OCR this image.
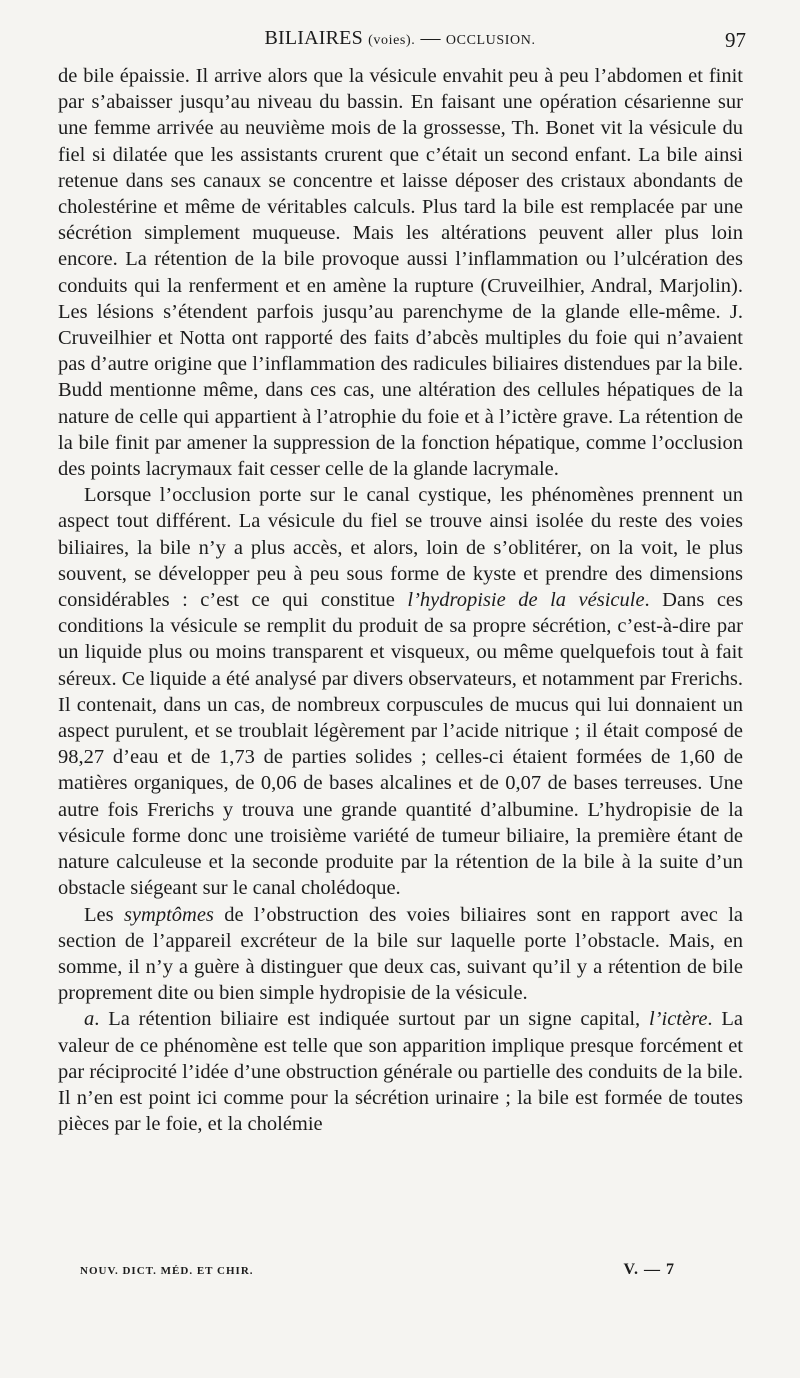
BILIAIRES (voies). — OCCLUSION.	97

de bile épaissie. Il arrive alors que la vésicule envahit peu à peu l’abdomen et finit par s’abaisser jusqu’au niveau du bassin. En faisant une opération césarienne sur une femme arrivée au neuvième mois de la grossesse, Th. Bonet vit la vésicule du fiel si dilatée que les assistants crurent que c’était un second enfant. La bile ainsi retenue dans ses canaux se concentre et laisse déposer des cristaux abondants de cholestérine et même de véritables calculs. Plus tard la bile est remplacée par une sécrétion simplement muqueuse. Mais les altérations peuvent aller plus loin encore. La rétention de la bile provoque aussi l’inflammation ou l’ulcération des conduits qui la renferment et en amène la rupture (Cruveilhier, Andral, Marjolin). Les lésions s’étendent parfois jusqu’au parenchyme de la glande elle-même. J. Cruveilhier et Notta ont rapporté des faits d’abcès multiples du foie qui n’avaient pas d’autre origine que l’inflammation des radicules biliaires distendues par la bile. Budd mentionne même, dans ces cas, une altération des cellules hépatiques de la nature de celle qui appartient à l’atrophie du foie et à l’ictère grave. La rétention de la bile finit par amener la suppression de la fonction hépatique, comme l’occlusion des points lacrymaux fait cesser celle de la glande lacrymale.

Lorsque l’occlusion porte sur le canal cystique, les phénomènes prennent un aspect tout différent. La vésicule du fiel se trouve ainsi isolée du reste des voies biliaires, la bile n’y a plus accès, et alors, loin de s’oblitérer, on la voit, le plus souvent, se développer peu à peu sous forme de kyste et prendre des dimensions considérables : c’est ce qui constitue l’hydropisie de la vésicule. Dans ces conditions la vésicule se remplit du produit de sa propre sécrétion, c’est-à-dire par un liquide plus ou moins transparent et visqueux, ou même quelquefois tout à fait séreux. Ce liquide a été analysé par divers observateurs, et notamment par Frerichs. Il contenait, dans un cas, de nombreux corpuscules de mucus qui lui donnaient un aspect purulent, et se troublait légèrement par l’acide nitrique ; il était composé de 98,27 d’eau et de 1,73 de parties solides ; celles-ci étaient formées de 1,60 de matières organiques, de 0,06 de bases alcalines et de 0,07 de bases terreuses. Une autre fois Frerichs y trouva une grande quantité d’albumine. L’hydropisie de la vésicule forme donc une troisième variété de tumeur biliaire, la première étant de nature calculeuse et la seconde produite par la rétention de la bile à la suite d’un obstacle siégeant sur le canal cholédoque.

Les symptômes de l’obstruction des voies biliaires sont en rapport avec la section de l’appareil excréteur de la bile sur laquelle porte l’obstacle. Mais, en somme, il n’y a guère à distinguer que deux cas, suivant qu’il y a rétention de bile proprement dite ou bien simple hydropisie de la vésicule.

a. La rétention biliaire est indiquée surtout par un signe capital, l’ictère. La valeur de ce phénomène est telle que son apparition implique presque forcément et par réciprocité l’idée d’une obstruction générale ou partielle des conduits de la bile. Il n’en est point ici comme pour la sécrétion urinaire ; la bile est formée de toutes pièces par le foie, et la cholémie

NOUV. DICT. MÉD. ET CHIR.	V. — 7
